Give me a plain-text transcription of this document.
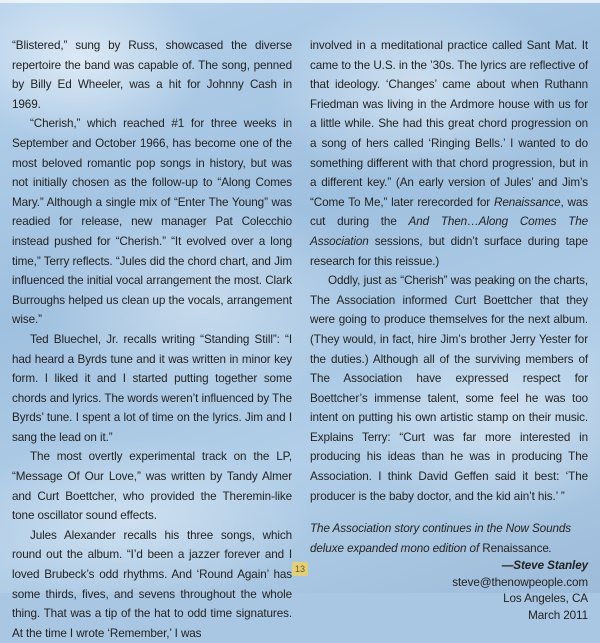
“Blistered,” sung by Russ, showcased the diverse repertoire the band was capable of. The song, penned by Billy Ed Wheeler, was a hit for Johnny Cash in 1969.

“Cherish,” which reached #1 for three weeks in September and October 1966, has become one of the most beloved romantic pop songs in history, but was not initially chosen as the follow-up to “Along Comes Mary.” Although a single mix of “Enter The Young” was readied for release, new manager Pat Colecchio instead pushed for “Cherish.” “It evolved over a long time,” Terry reflects. “Jules did the chord chart, and Jim influenced the initial vocal arrangement the most. Clark Burroughs helped us clean up the vocals, arrangement wise.”

Ted Bluechel, Jr. recalls writing “Standing Still”: “I had heard a Byrds tune and it was written in minor key form. I liked it and I started putting together some chords and lyrics. The words weren’t influenced by The Byrds’ tune. I spent a lot of time on the lyrics. Jim and I sang the lead on it.”

The most overtly experimental track on the LP, “Message Of Our Love,” was written by Tandy Almer and Curt Boettcher, who provided the Theremin-like tone oscillator sound effects.

Jules Alexander recalls his three songs, which round out the album. “I’d been a jazzer forever and I loved Brubeck’s odd rhythms. And ‘Round Again’ has some thirds, fives, and sevens throughout the whole thing. That was a tip of the hat to odd time signatures. At the time I wrote ‘Remember,’ I was

involved in a meditational practice called Sant Mat. It came to the U.S. in the ’30s. The lyrics are reflective of that ideology. ‘Changes’ came about when Ruthann Friedman was living in the Ardmore house with us for a little while. She had this great chord progression on a song of hers called ‘Ringing Bells.’ I wanted to do something different with that chord progression, but in a different key.” (An early version of Jules’ and Jim’s “Come To Me,” later rerecorded for Renaissance, was cut during the And Then…Along Comes The Association sessions, but didn’t surface during tape research for this reissue.)

Oddly, just as “Cherish” was peaking on the charts, The Association informed Curt Boettcher that they were going to produce themselves for the next album. (They would, in fact, hire Jim’s brother Jerry Yester for the duties.) Although all of the surviving members of The Association have expressed respect for Boettcher’s immense talent, some feel he was too intent on putting his own artistic stamp on their music. Explains Terry: “Curt was far more interested in producing his ideas than he was in producing The Association. I think David Geffen said it best: ‘The producer is the baby doctor, and the kid ain’t his.’ ”

The Association story continues in the Now Sounds deluxe expanded mono edition of Renaissance.

—Steve Stanley

steve@thenowpeople.com

Los Angeles, CA

March 2011

13
